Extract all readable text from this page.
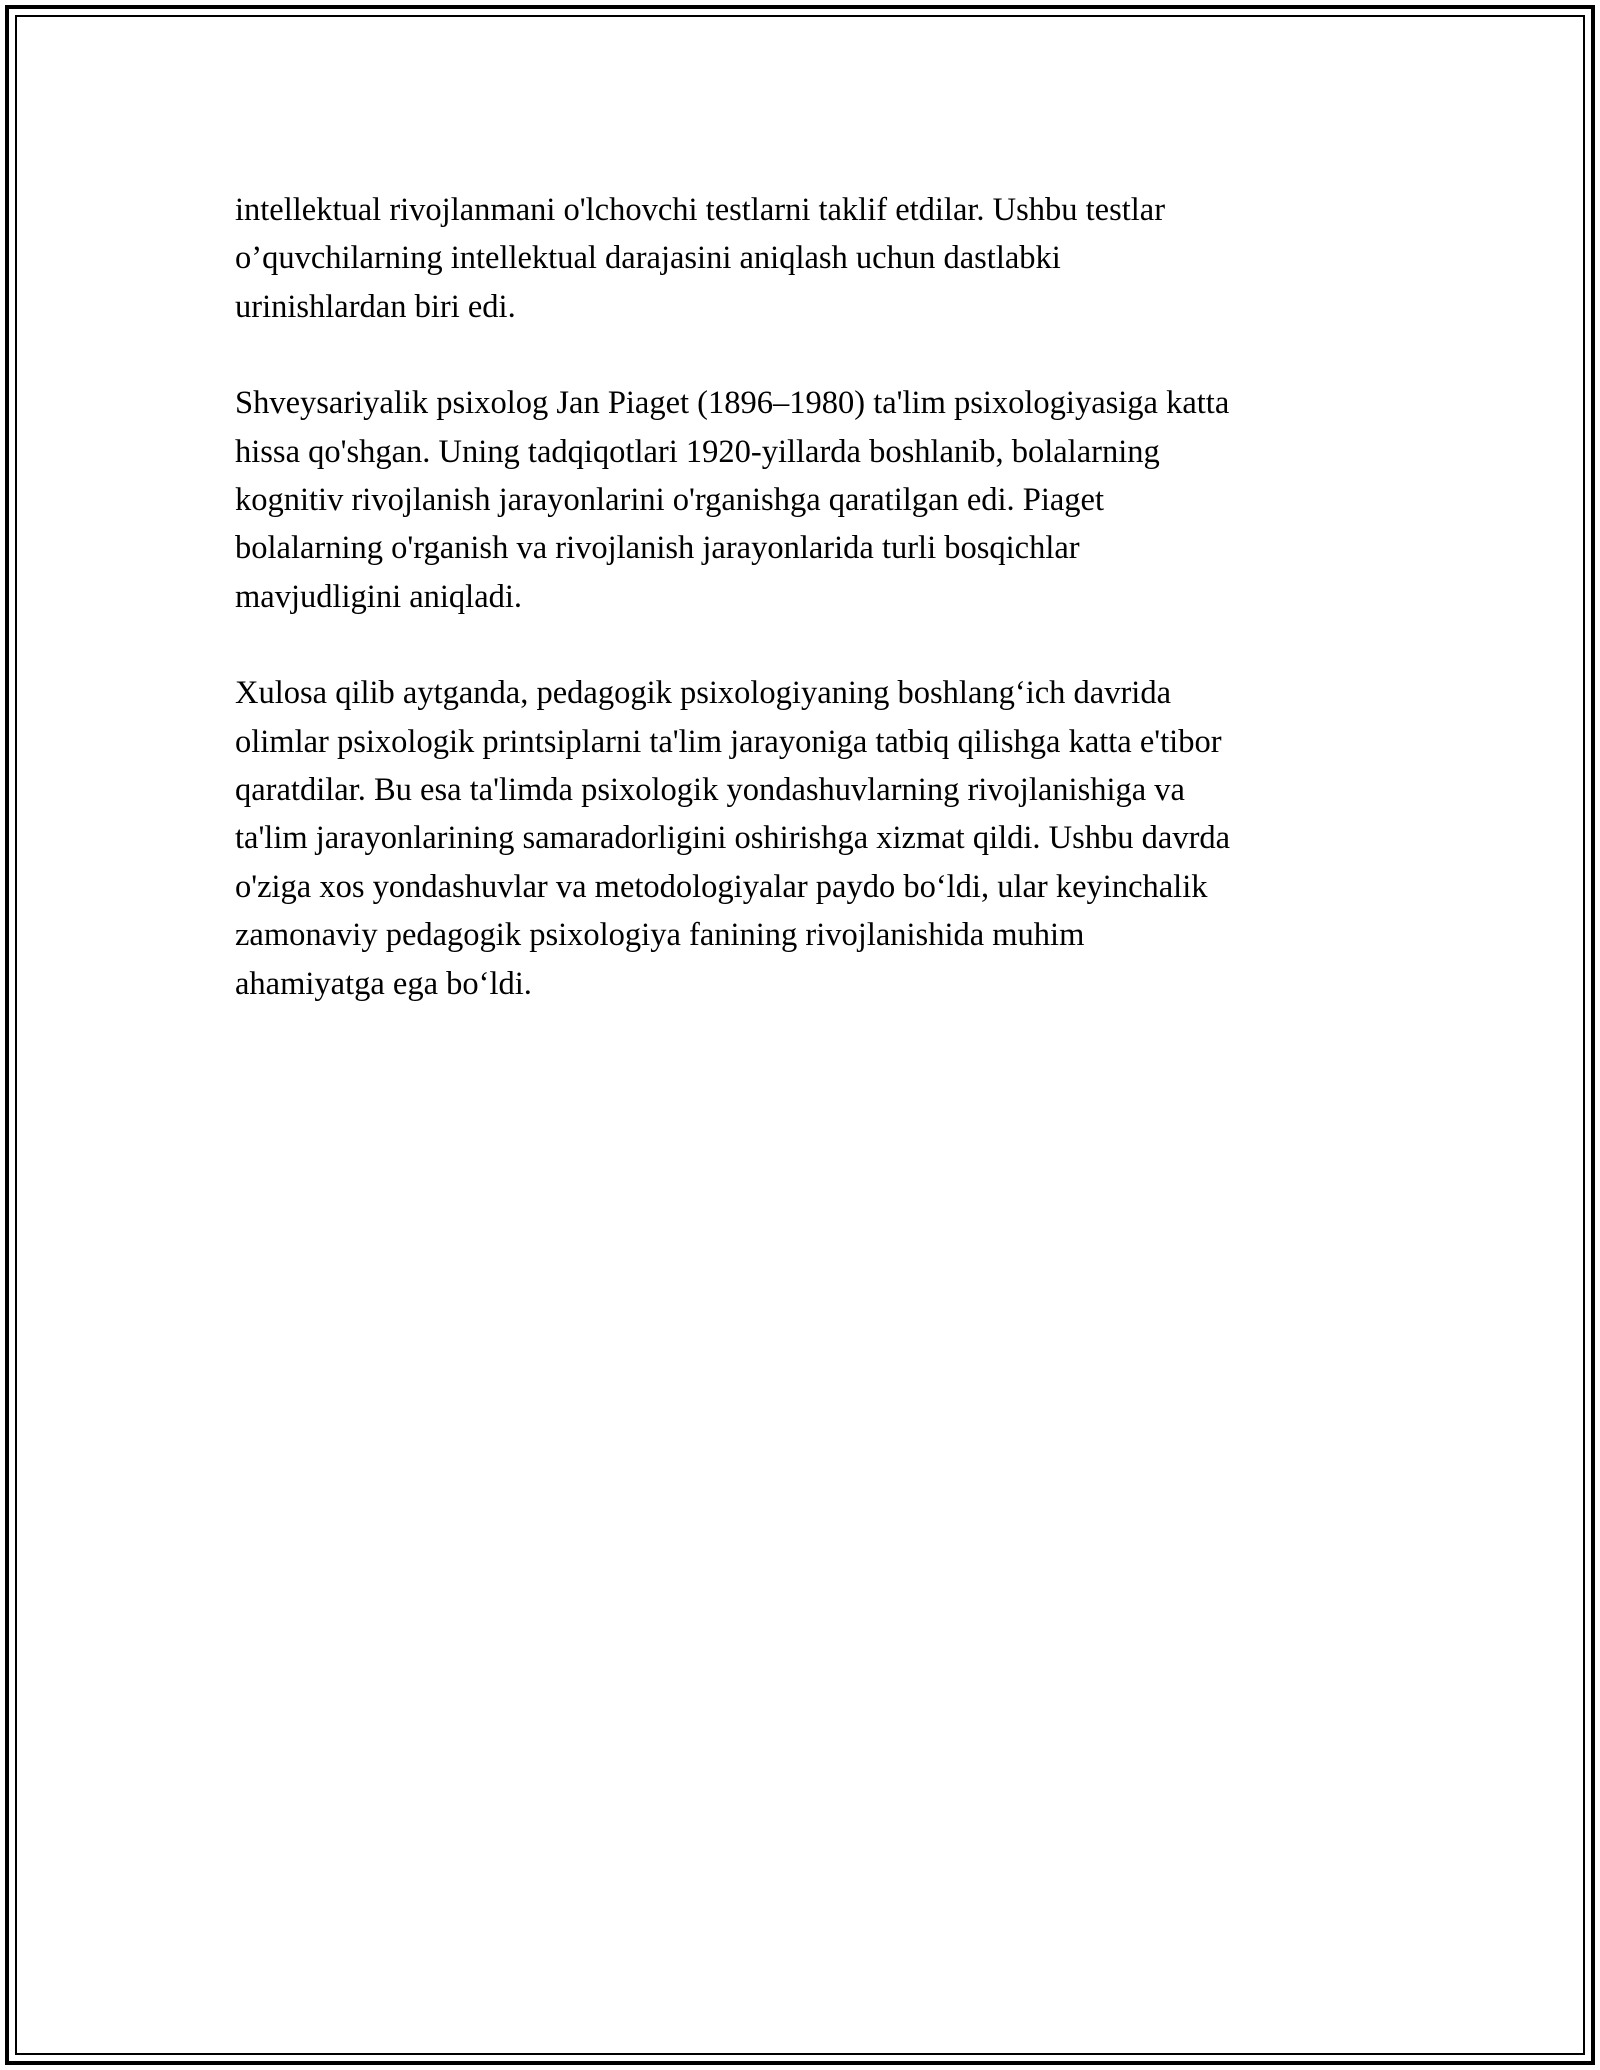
intellektual rivojlanmani o'lchovchi testlarni taklif etdilar. Ushbu testlar
o’quvchilarning intellektual darajasini aniqlash uchun dastlabki
urinishlardan biri edi.

Shveysariyalik psixolog Jan Piaget (1896–1980) ta'lim psixologiyasiga katta
hissa qo'shgan. Uning tadqiqotlari 1920-yillarda boshlanib, bolalarning
kognitiv rivojlanish jarayonlarini o'rganishga qaratilgan edi. Piaget
bolalarning o'rganish va rivojlanish jarayonlarida turli bosqichlar
mavjudligini aniqladi.

Xulosa qilib aytganda, pedagogik psixologiyaning boshlang‘ich davrida
olimlar psixologik printsiplarni ta'lim jarayoniga tatbiq qilishga katta e'tibor
qaratdilar. Bu esa ta'limda psixologik yondashuvlarning rivojlanishiga va
ta'lim jarayonlarining samaradorligini oshirishga xizmat qildi. Ushbu davrda
o'ziga xos yondashuvlar va metodologiyalar paydo bo‘ldi, ular keyinchalik
zamonaviy pedagogik psixologiya fanining rivojlanishida muhim
ahamiyatga ega bo‘ldi.
